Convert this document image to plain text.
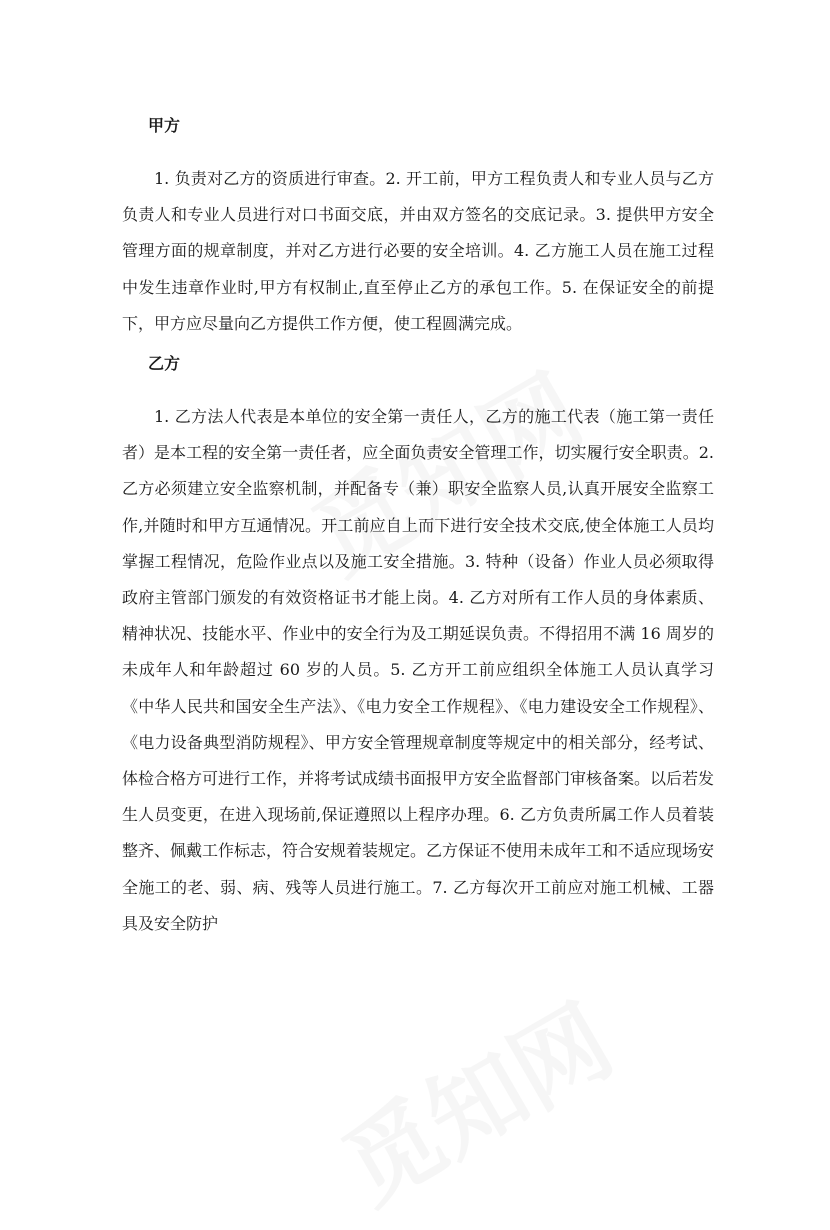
甲方

1. 负责对乙方的资质进行审查。2. 开工前，甲方工程负责人和专业人员与乙方负责人和专业人员进行对口书面交底，并由双方签名的交底记录。3. 提供甲方安全管理方面的规章制度，并对乙方进行必要的安全培训。4. 乙方施工人员在施工过程中发生违章作业时,甲方有权制止,直至停止乙方的承包工作。5. 在保证安全的前提下，甲方应尽量向乙方提供工作方便，使工程圆满完成。

乙方

1. 乙方法人代表是本单位的安全第一责任人，乙方的施工代表（施工第一责任者）是本工程的安全第一责任者，应全面负责安全管理工作，切实履行安全职责。2. 乙方必须建立安全监察机制，并配备专（兼）职安全监察人员,认真开展安全监察工作,并随时和甲方互通情况。开工前应自上而下进行安全技术交底,使全体施工人员均掌握工程情况，危险作业点以及施工安全措施。3. 特种（设备）作业人员必须取得政府主管部门颁发的有效资格证书才能上岗。4. 乙方对所有工作人员的身体素质、精神状况、技能水平、作业中的安全行为及工期延误负责。不得招用不满 16 周岁的未成年人和年龄超过 60 岁的人员。5. 乙方开工前应组织全体施工人员认真学习《中华人民共和国安全生产法》、《电力安全工作规程》、《电力建设安全工作规程》、《电力设备典型消防规程》、甲方安全管理规章制度等规定中的相关部分，经考试、体检合格方可进行工作，并将考试成绩书面报甲方安全监督部门审核备案。以后若发生人员变更，在进入现场前,保证遵照以上程序办理。6. 乙方负责所属工作人员着装整齐、佩戴工作标志，符合安规着装规定。乙方保证不使用未成年工和不适应现场安全施工的老、弱、病、残等人员进行施工。7. 乙方每次开工前应对施工机械、工器具及安全防护
